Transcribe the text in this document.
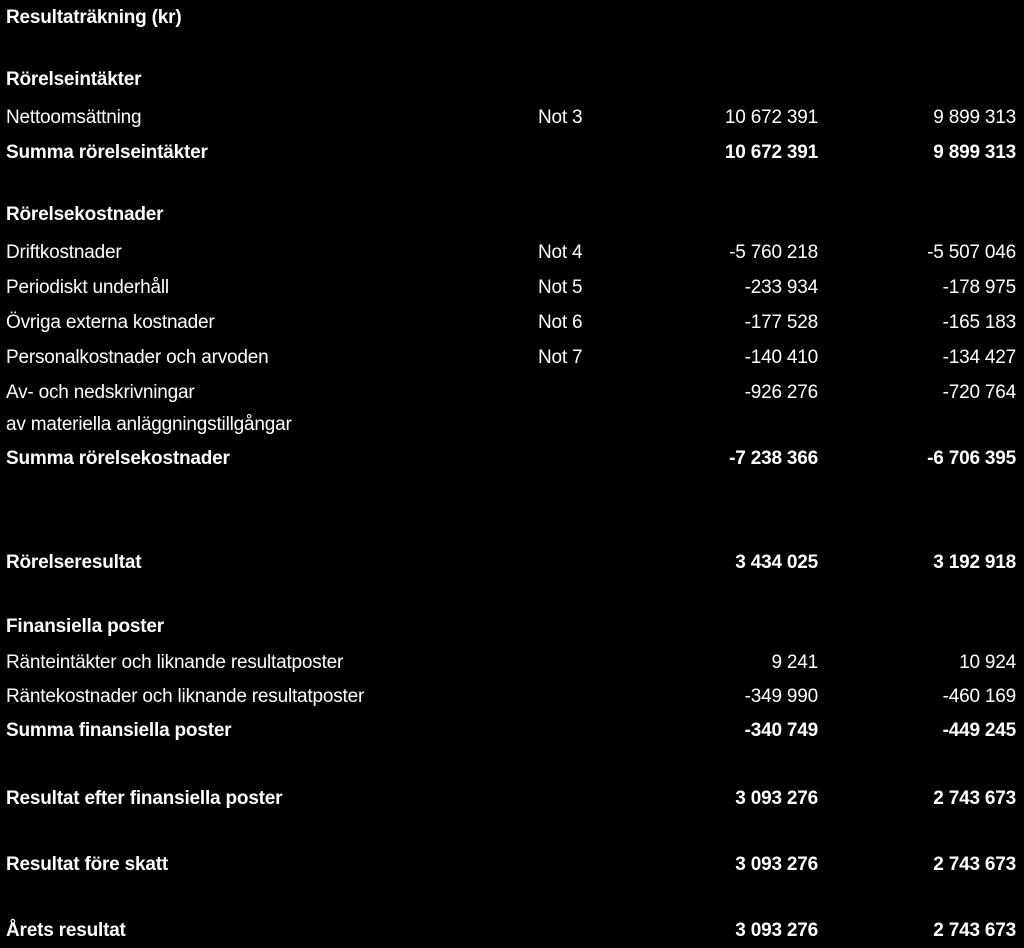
Resultaträkning (kr)
Rörelseintäkter
Nettoomsättning	Not 3	10 672 391	9 899 313
Summa rörelseintäkter	10 672 391	9 899 313
Rörelsekostnader
Driftkostnader	Not 4	-5 760 218	-5 507 046
Periodiskt underhåll	Not 5	-233 934	-178 975
Övriga externa kostnader	Not 6	-177 528	-165 183
Personalkostnader och arvoden	Not 7	-140 410	-134 427
Av- och nedskrivningar	-926 276	-720 764
av materiella anläggningstillgångar
Summa rörelsekostnader	-7 238 366	-6 706 395
Rörelseresultat	3 434 025	3 192 918
Finansiella poster
Ränteintäkter och liknande resultatposter	9 241	10 924
Räntekostnader och liknande resultatposter	-349 990	-460 169
Summa finansiella poster	-340 749	-449 245
Resultat efter finansiella poster	3 093 276	2 743 673
Resultat före skatt	3 093 276	2 743 673
Årets resultat	3 093 276	2 743 673
